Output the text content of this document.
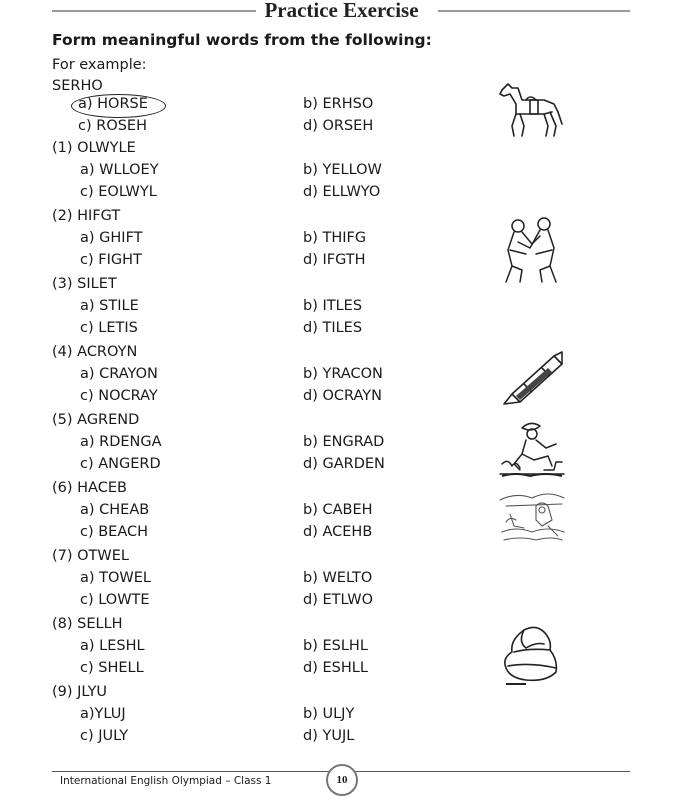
Practice Exercise
Form meaningful words from the following:
For example:
SERHO
a) HORSE	b) ERHSO
c) ROSEH	d) ORSEH
(1) OLWYLE
a) WLLOEY	b) YELLOW
c) EOLWYL	d) ELLWYO
(2) HIFGT
a) GHIFT	b) THIFG
c) FIGHT	d) IFGTH
(3) SILET
a) STILE	b) ITLES
c) LETIS	d) TILES
(4) ACROYN
a) CRAYON	b) YRACON
c) NOCRAY	d) OCRAYN
(5) AGREND
a) RDENGA	b) ENGRAD
c) ANGERD	d) GARDEN
(6) HACEB
a) CHEAB	b) CABEH
c) BEACH	d) ACEHB
(7) OTWEL
a) TOWEL	b) WELTO
c) LOWTE	d) ETLWO
(8) SELLH
a) LESHL	b) ESLHL
c) SHELL	d) ESHLL
(9) JLYU
a)YLUJ	b) ULJY
c) JULY	d) YUJL
International English Olympiad – Class 1	10
